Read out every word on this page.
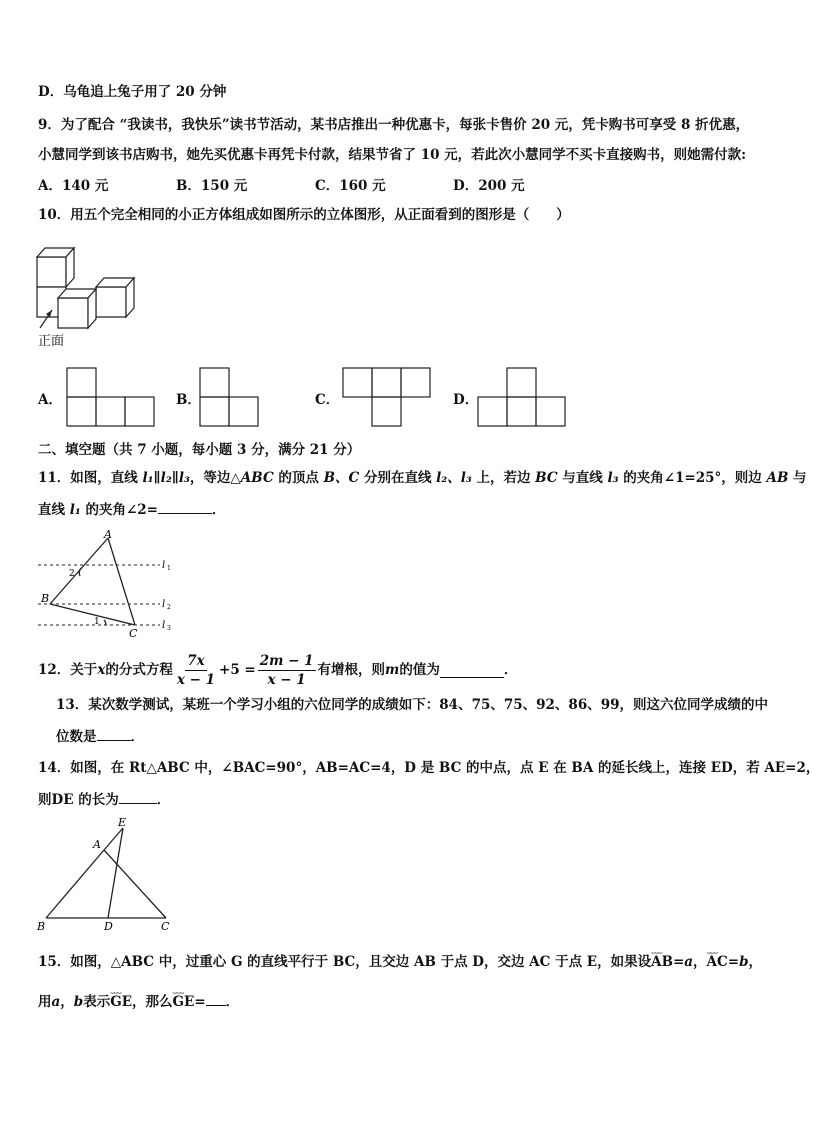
D．乌龟追上兔子用了 20 分钟
9．为了配合 “我读书，我快乐”读书节活动，某书店推出一种优惠卡，每张卡售价 20 元，凭卡购书可享受 8 折优惠，
小慧同学到该书店购书，她先买优惠卡再凭卡付款，结果节省了 10 元，若此次小慧同学不买卡直接购书，则她需付款:
A．140 元	B．150 元	C．160 元	D．200 元
10．用五个完全相同的小正方体组成如图所示的立体图形，从正面看到的图形是（　　）
正面
A．	B．	C．	D．
二、填空题（共 7 小题，每小题 3 分，满分 21 分）
11．如图，直线 l₁∥l₂∥l₃，等边△ABC 的顶点 B、C 分别在直线 l₂、l₃ 上，若边 BC 与直线 l₃ 的夹角∠1=25°，则边 AB 与
直线 l₁ 的夹角∠2=	．
A
B
C
2
1
l 1
l 2
l 3
12．关于 x 的分式方程 $\frac{7x}{x - 1} +5 = \frac{2m - 1}{x - 1}$ 有增根，则 m 的值为	．
13．某次数学测试，某班一个学习小组的六位同学的成绩如下：84、75、75、92、86、99，则这六位同学成绩的中
位数是	．
14．如图，在 Rt△ABC 中，∠BAC=90°，AB=AC=4，D 是 BC 的中点，点 E 在 BA 的延长线上，连接 ED，若 AE=2，
则DE 的长为	．
B	C
D
A
E
15．如图，△ABC 中，过重心 G 的直线平行于 BC，且交边 AB 于点 D，交边 AC 于点 E，如果设⌣⌣⌣ AB=a，⌣⌣⌣ AC=b，
用a，b表示⌣⌣⌣ GE，那么⌣⌣⌣ GE= ．
